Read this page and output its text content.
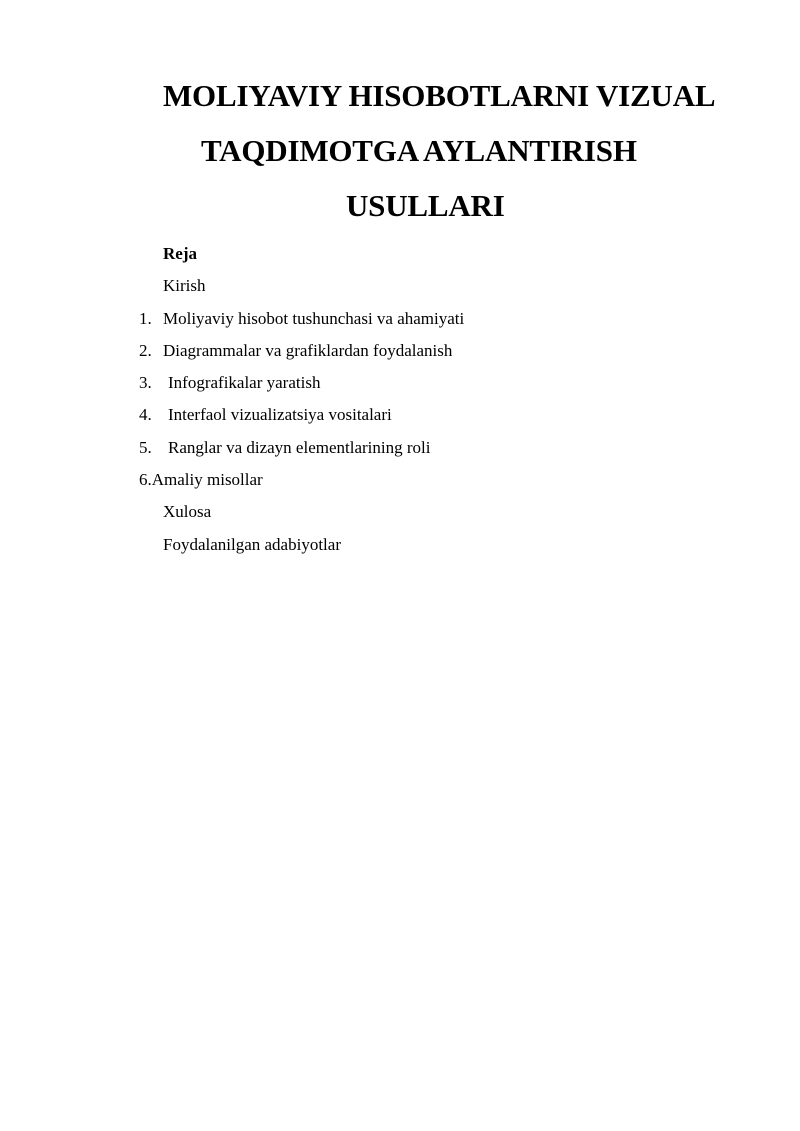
MOLIYAVIY HISOBOTLARNI VIZUAL
TAQDIMOTGA AYLANTIRISH
USULLARI
Reja
Kirish
1. Moliyaviy hisobot tushunchasi va ahamiyati
2. Diagrammalar va grafiklardan foydalanish
3. Infografikalar yaratish
4. Interfaol vizualizatsiya vositalari
5. Ranglar va dizayn elementlarining roli
6.Amaliy misollar
Xulosa
Foydalanilgan adabiyotlar
